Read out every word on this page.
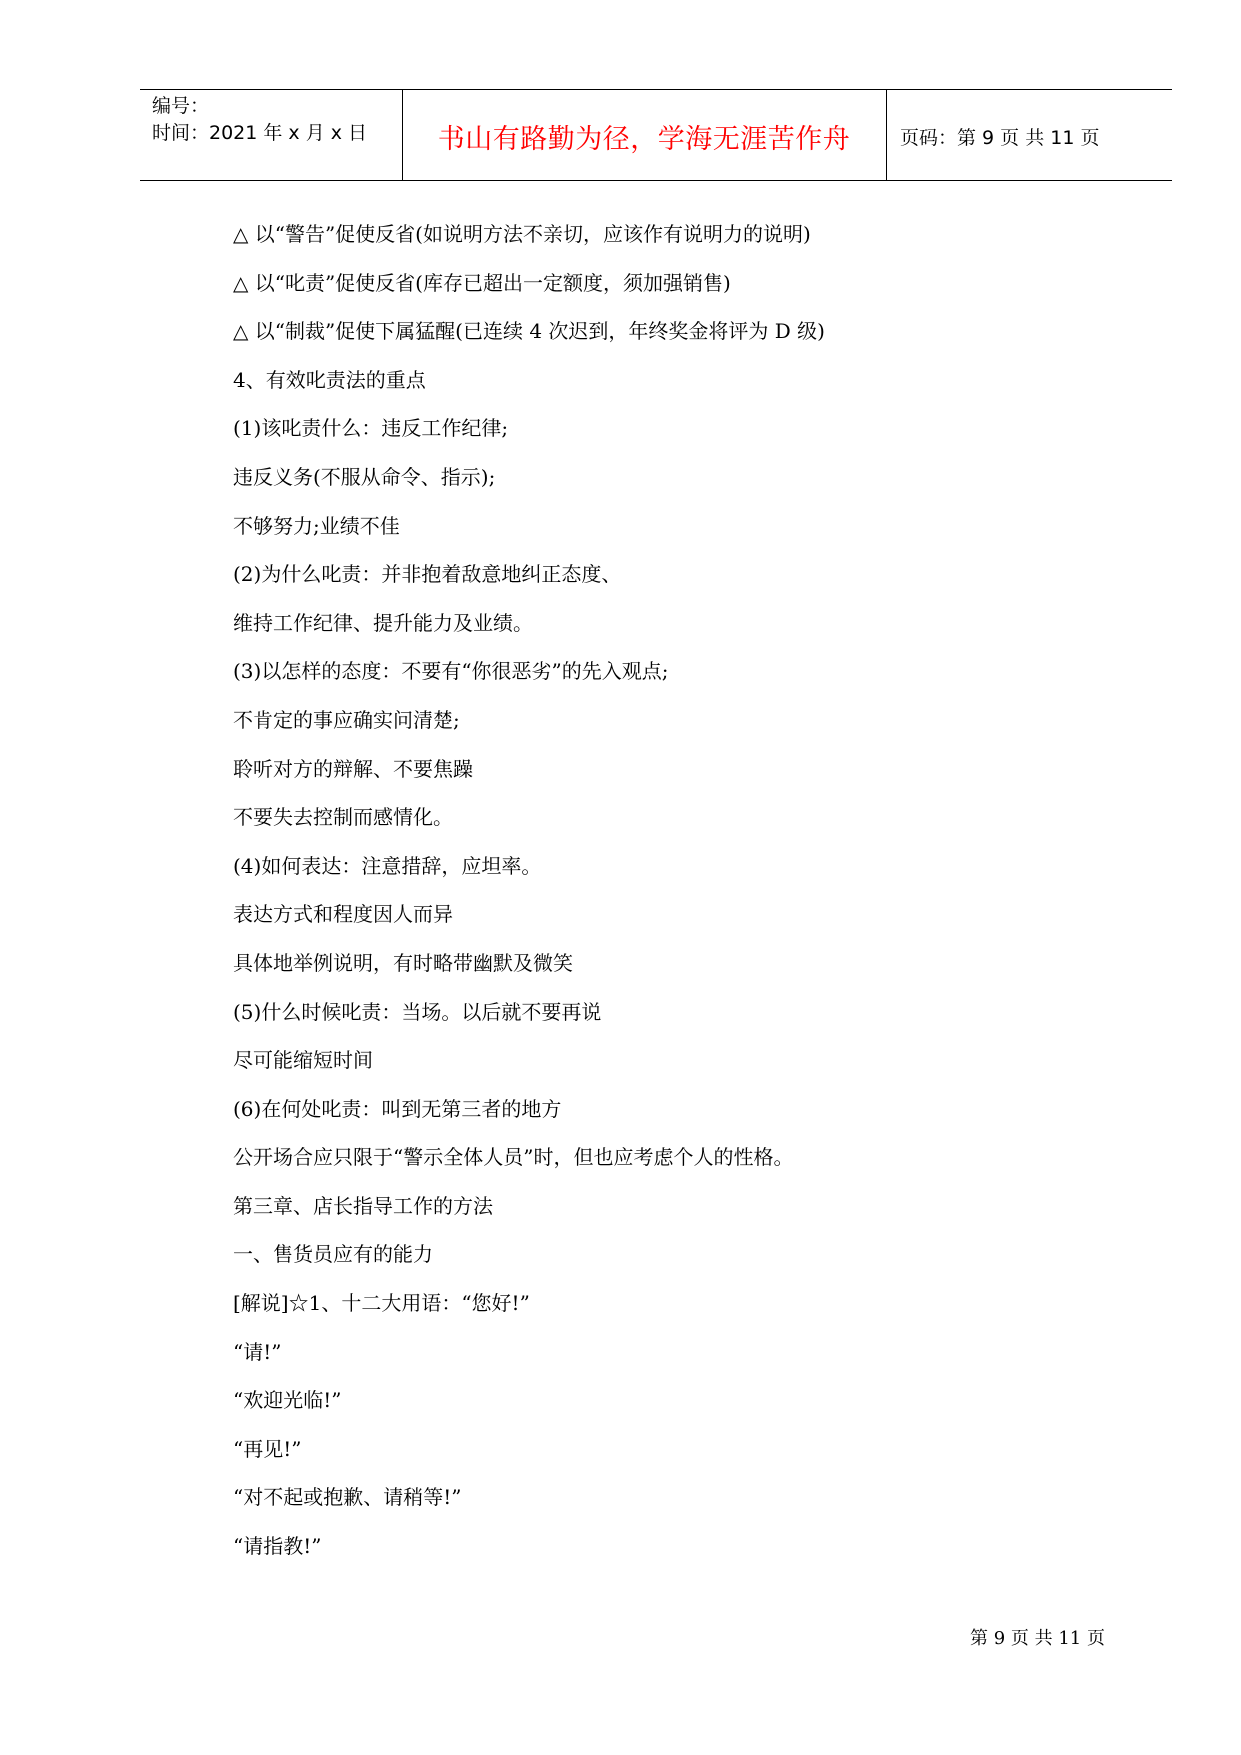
编号：
时间：2021 年 x 月 x 日	书山有路勤为径，学海无涯苦作舟	页码：第 9 页 共 11 页
△ 以“警告”促使反省(如说明方法不亲切，应该作有说明力的说明)
△ 以“叱责”促使反省(库存已超出一定额度，须加强销售)
△ 以“制裁”促使下属猛醒(已连续 4 次迟到，年终奖金将评为 D 级)
4、有效叱责法的重点
(1)该叱责什么：违反工作纪律;
违反义务(不服从命令、指示);
不够努力;业绩不佳
(2)为什么叱责：并非抱着敌意地纠正态度、
维持工作纪律、提升能力及业绩。
(3)以怎样的态度：不要有“你很恶劣”的先入观点;
不肯定的事应确实问清楚;
聆听对方的辩解、不要焦躁
不要失去控制而感情化。
(4)如何表达：注意措辞，应坦率。
表达方式和程度因人而异
具体地举例说明，有时略带幽默及微笑
(5)什么时候叱责：当场。以后就不要再说
尽可能缩短时间
(6)在何处叱责：叫到无第三者的地方
公开场合应只限于“警示全体人员”时，但也应考虑个人的性格。
第三章、店长指导工作的方法
一、售货员应有的能力
[解说]☆1、十二大用语：“您好!”
“请!”
“欢迎光临!”
“再见!”
“对不起或抱歉、请稍等!”
“请指教!”
第 9 页 共 11 页
